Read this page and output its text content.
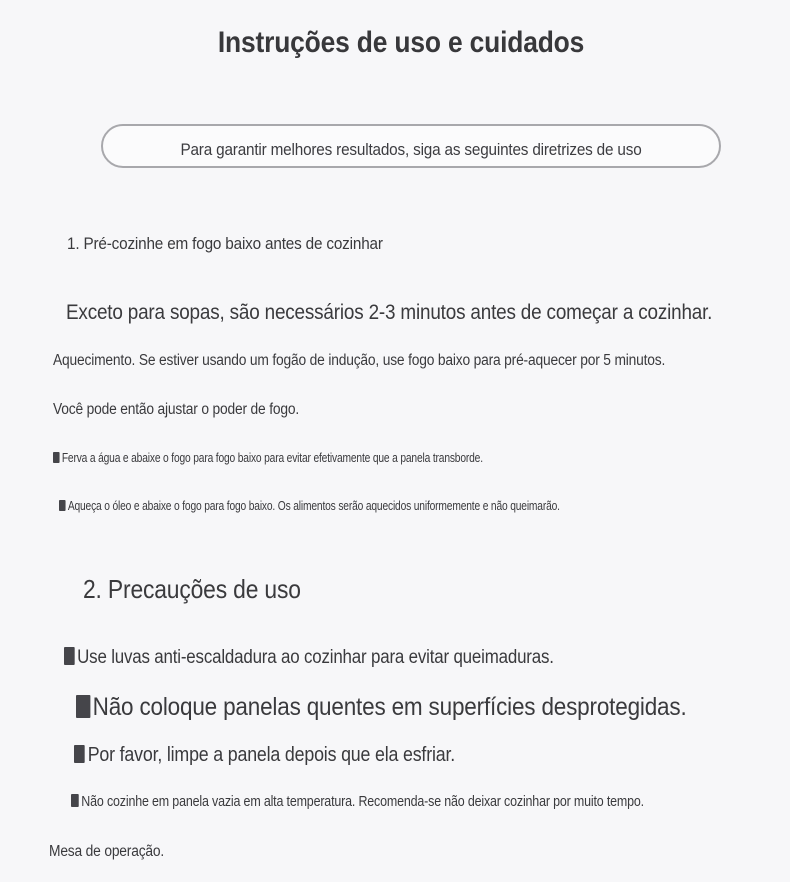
Instruções de uso e cuidados
Para garantir melhores resultados, siga as seguintes diretrizes de uso
1. Pré-cozinhe em fogo baixo antes de cozinhar
Exceto para sopas, são necessários 2-3 minutos antes de começar a cozinhar.
Aquecimento. Se estiver usando um fogão de indução, use fogo baixo para pré-aquecer por 5 minutos.
Você pode então ajustar o poder de fogo.
Ferva a água e abaixe o fogo para fogo baixo para evitar efetivamente que a panela transborde.
Aqueça o óleo e abaixe o fogo para fogo baixo. Os alimentos serão aquecidos uniformemente e não queimarão.
2. Precauções de uso
Use luvas anti-escaldadura ao cozinhar para evitar queimaduras.
Não coloque panelas quentes em superfícies desprotegidas.
Por favor, limpe a panela depois que ela esfriar.
Não cozinhe em panela vazia em alta temperatura. Recomenda-se não deixar cozinhar por muito tempo.
Mesa de operação.
